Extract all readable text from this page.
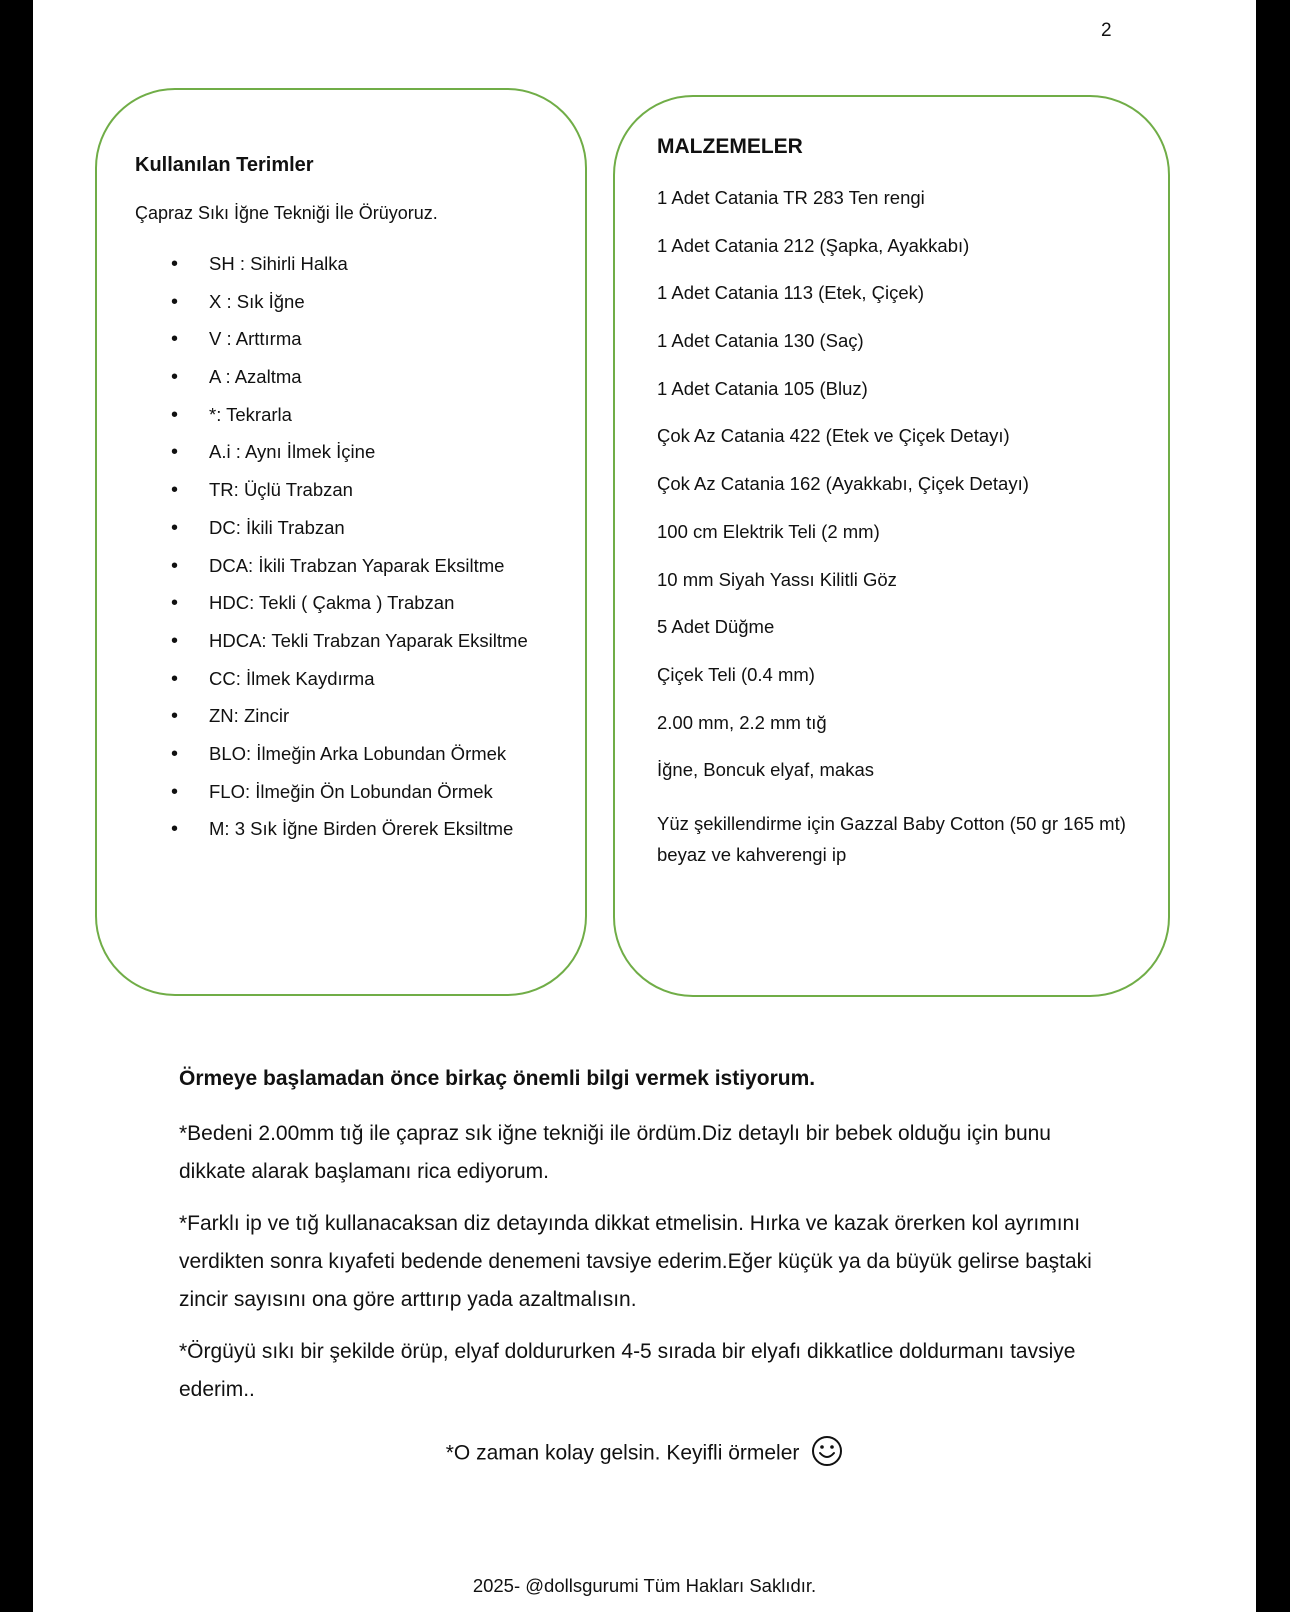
2
Kullanılan Terimler
Çapraz Sıkı İğne Tekniği İle Örüyoruz.
• SH : Sihirli Halka
• X : Sık İğne
• V : Arttırma
• A : Azaltma
• *: Tekrarla
• A.i : Aynı İlmek İçine
• TR: Üçlü Trabzan
• DC: İkili Trabzan
• DCA: İkili Trabzan Yaparak Eksiltme
• HDC: Tekli ( Çakma ) Trabzan
• HDCA: Tekli Trabzan Yaparak Eksiltme
• CC: İlmek Kaydırma
• ZN: Zincir
• BLO: İlmeğin Arka Lobundan Örmek
• FLO: İlmeğin Ön Lobundan Örmek
• M: 3 Sık İğne Birden Örerek Eksiltme
MALZEMELER
1 Adet Catania TR 283 Ten rengi
1 Adet Catania 212 (Şapka, Ayakkabı)
1 Adet Catania 113 (Etek, Çiçek)
1 Adet Catania 130 (Saç)
1 Adet Catania 105 (Bluz)
Çok Az Catania 422 (Etek ve Çiçek Detayı)
Çok Az Catania 162 (Ayakkabı, Çiçek Detayı)
100 cm Elektrik Teli (2 mm)
10 mm Siyah Yassı Kilitli Göz
5 Adet Düğme
Çiçek Teli (0.4 mm)
2.00 mm, 2.2 mm tığ
İğne, Boncuk elyaf, makas
Yüz şekillendirme için Gazzal Baby Cotton (50 gr 165 mt) beyaz ve kahverengi ip

Örmeye başlamadan önce birkaç önemli bilgi vermek istiyorum.

*Bedeni 2.00mm tığ ile çapraz sık iğne tekniği ile ördüm.Diz detaylı bir bebek olduğu için bunu dikkate alarak başlamanı rica ediyorum.

*Farklı ip ve tığ kullanacaksan diz detayında dikkat etmelisin. Hırka ve kazak örerken kol ayrımını verdikten sonra kıyafeti bedende denemeni tavsiye ederim.Eğer küçük ya da büyük gelirse baştaki zincir sayısını ona göre arttırıp yada azaltmalısın.

*Örgüyü sıkı bir şekilde örüp, elyaf doldururken 4-5 sırada bir elyafı dikkatlice doldurmanı tavsiye ederim..

*O zaman kolay gelsin. Keyifli örmeler
2025- @dollsgurumi Tüm Hakları Saklıdır.
